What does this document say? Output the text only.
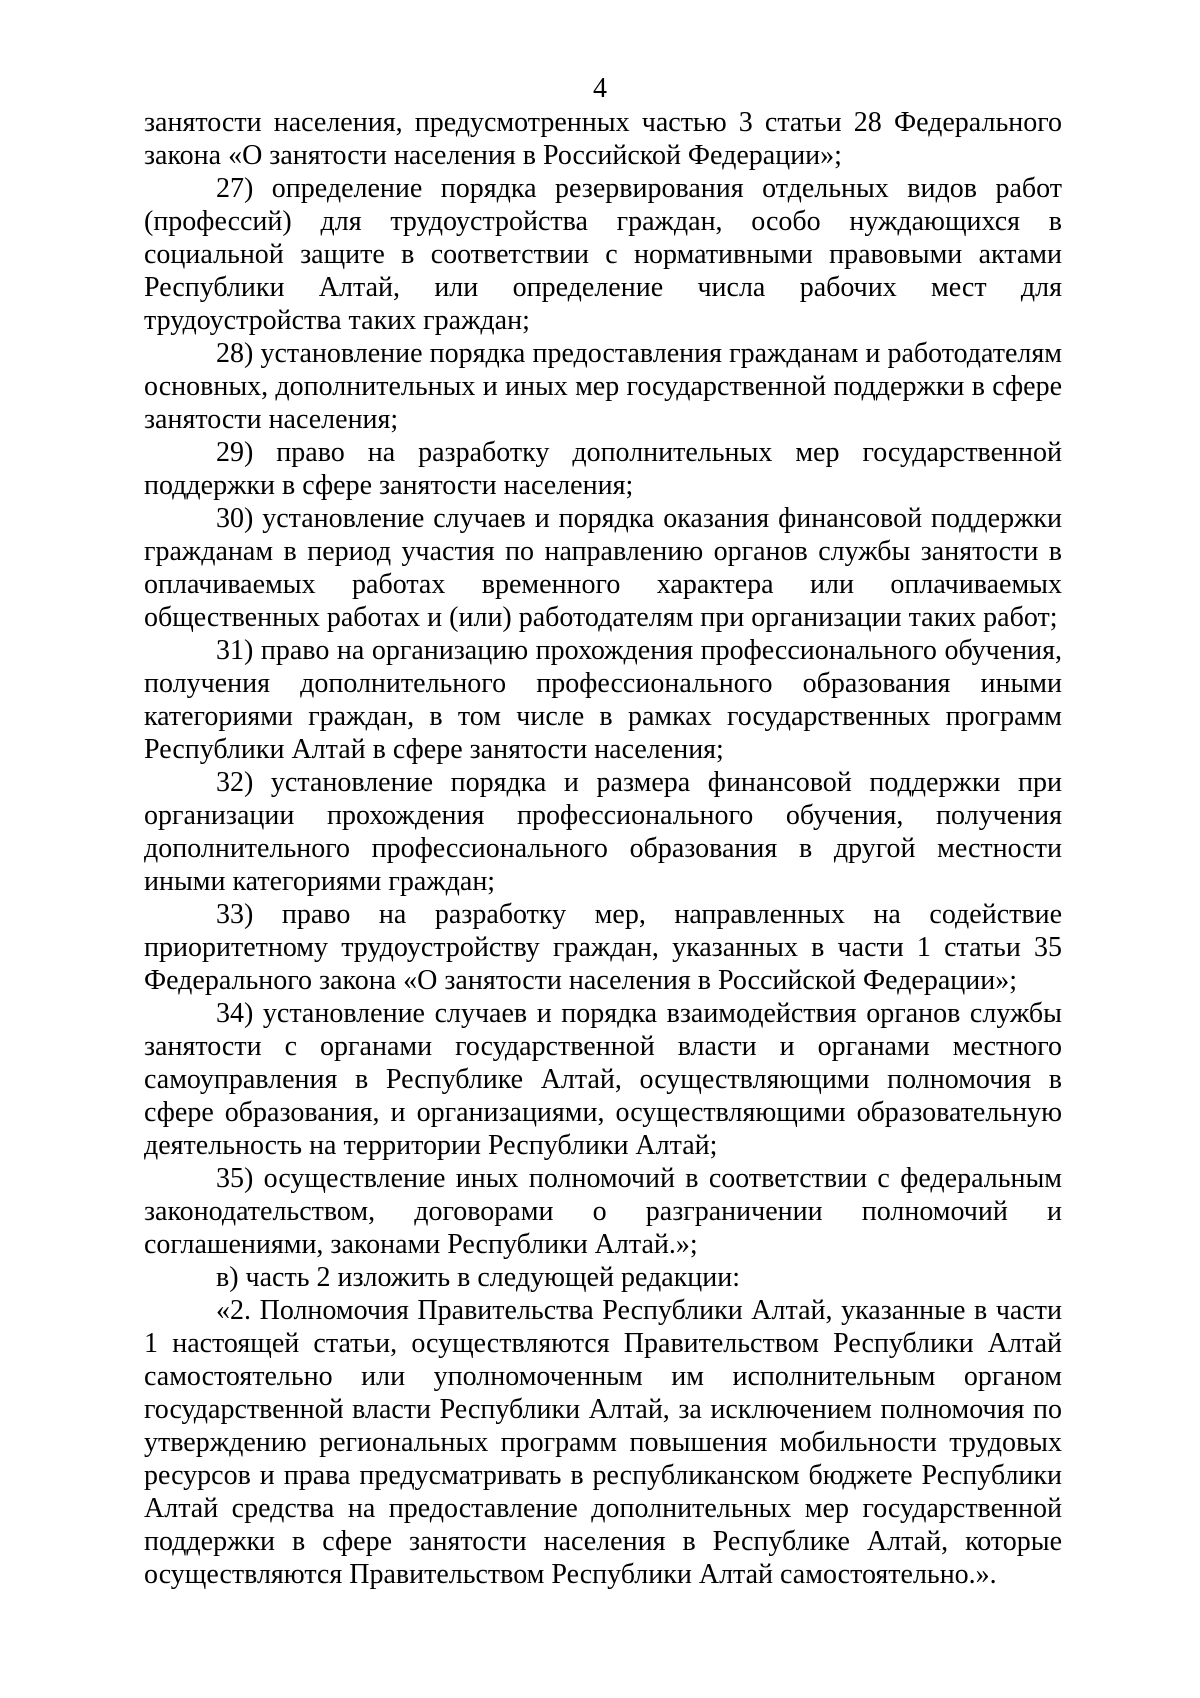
4

занятости населения, предусмотренных частью 3 статьи 28 Федерального закона «О занятости населения в Российской Федерации»;

27) определение порядка резервирования отдельных видов работ (профессий) для трудоустройства граждан, особо нуждающихся в социальной защите в соответствии с нормативными правовыми актами Республики Алтай, или определение числа рабочих мест для трудоустройства таких граждан;

28) установление порядка предоставления гражданам и работодателям основных, дополнительных и иных мер государственной поддержки в сфере занятости населения;

29) право на разработку дополнительных мер государственной поддержки в сфере занятости населения;

30) установление случаев и порядка оказания финансовой поддержки гражданам в период участия по направлению органов службы занятости в оплачиваемых работах временного характера или оплачиваемых общественных работах и (или) работодателям при организации таких работ;

31) право на организацию прохождения профессионального обучения, получения дополнительного профессионального образования иными категориями граждан, в том числе в рамках государственных программ Республики Алтай в сфере занятости населения;

32) установление порядка и размера финансовой поддержки при организации прохождения профессионального обучения, получения дополнительного профессионального образования в другой местности иными категориями граждан;

33) право на разработку мер, направленных на содействие приоритетному трудоустройству граждан, указанных в части 1 статьи 35 Федерального закона «О занятости населения в Российской Федерации»;

34) установление случаев и порядка взаимодействия органов службы занятости с органами государственной власти и органами местного самоуправления в Республике Алтай, осуществляющими полномочия в сфере образования, и организациями, осуществляющими образовательную деятельность на территории Республики Алтай;

35) осуществление иных полномочий в соответствии с федеральным законодательством, договорами о разграничении полномочий и соглашениями, законами Республики Алтай.»;

в) часть 2 изложить в следующей редакции:

«2. Полномочия Правительства Республики Алтай, указанные в части 1 настоящей статьи, осуществляются Правительством Республики Алтай самостоятельно или уполномоченным им исполнительным органом государственной власти Республики Алтай, за исключением полномочия по утверждению региональных программ повышения мобильности трудовых ресурсов и права предусматривать в республиканском бюджете Республики Алтай средства на предоставление дополнительных мер государственной поддержки в сфере занятости населения в Республике Алтай, которые осуществляются Правительством Республики Алтай самостоятельно.».
